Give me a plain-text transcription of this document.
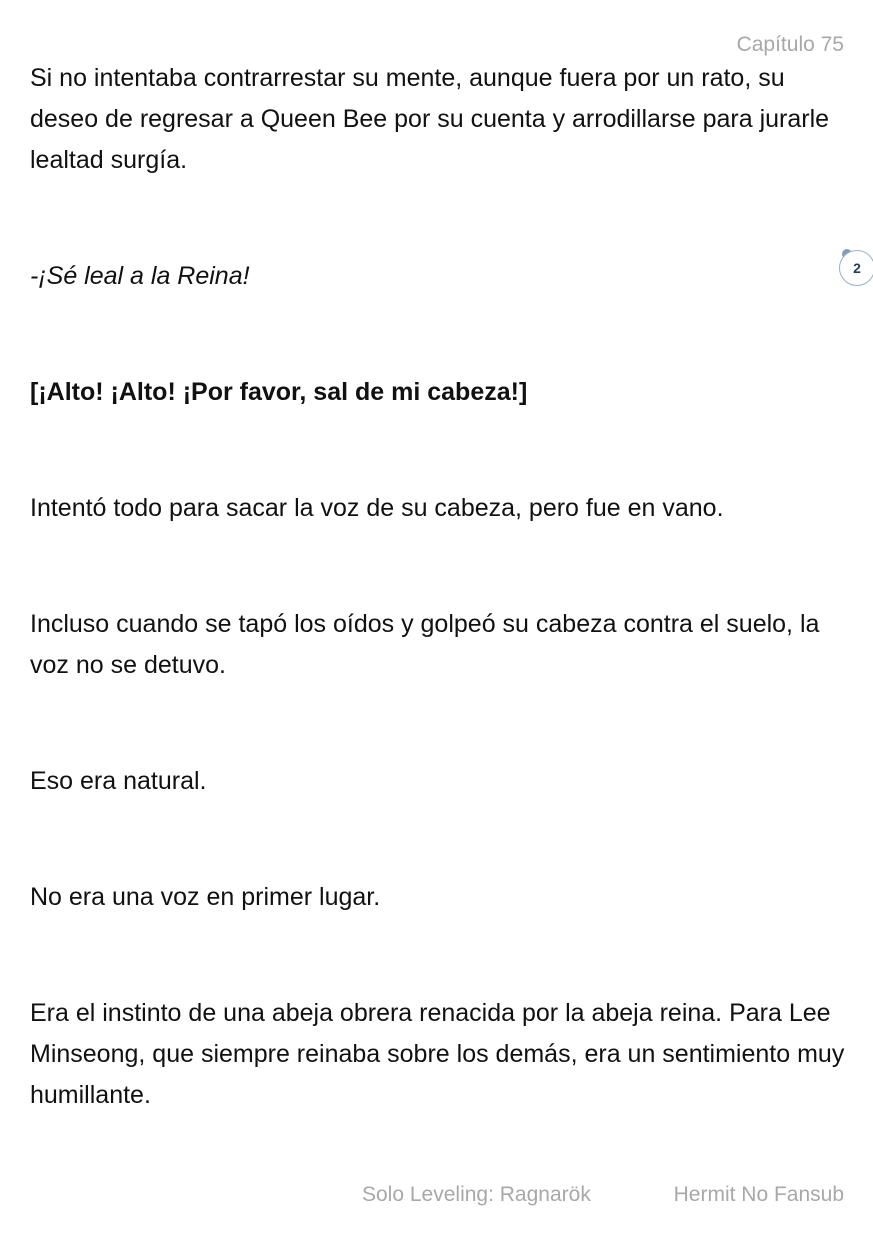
Capítulo 75

Si no intentaba contrarrestar su mente, aunque fuera por un rato, su deseo de regresar a Queen Bee por su cuenta y arrodillarse para jurarle lealtad surgía.

-¡Sé leal a la Reina!

[¡Alto! ¡Alto! ¡Por favor, sal de mi cabeza!]

Intentó todo para sacar la voz de su cabeza, pero fue en vano.

Incluso cuando se tapó los oídos y golpeó su cabeza contra el suelo, la voz no se detuvo.

Eso era natural.

No era una voz en primer lugar.

Era el instinto de una abeja obrera renacida por la abeja reina. Para Lee Minseong, que siempre reinaba sobre los demás, era un sentimiento muy humillante.

2
Solo Leveling: Ragnarök	Hermit No Fansub
